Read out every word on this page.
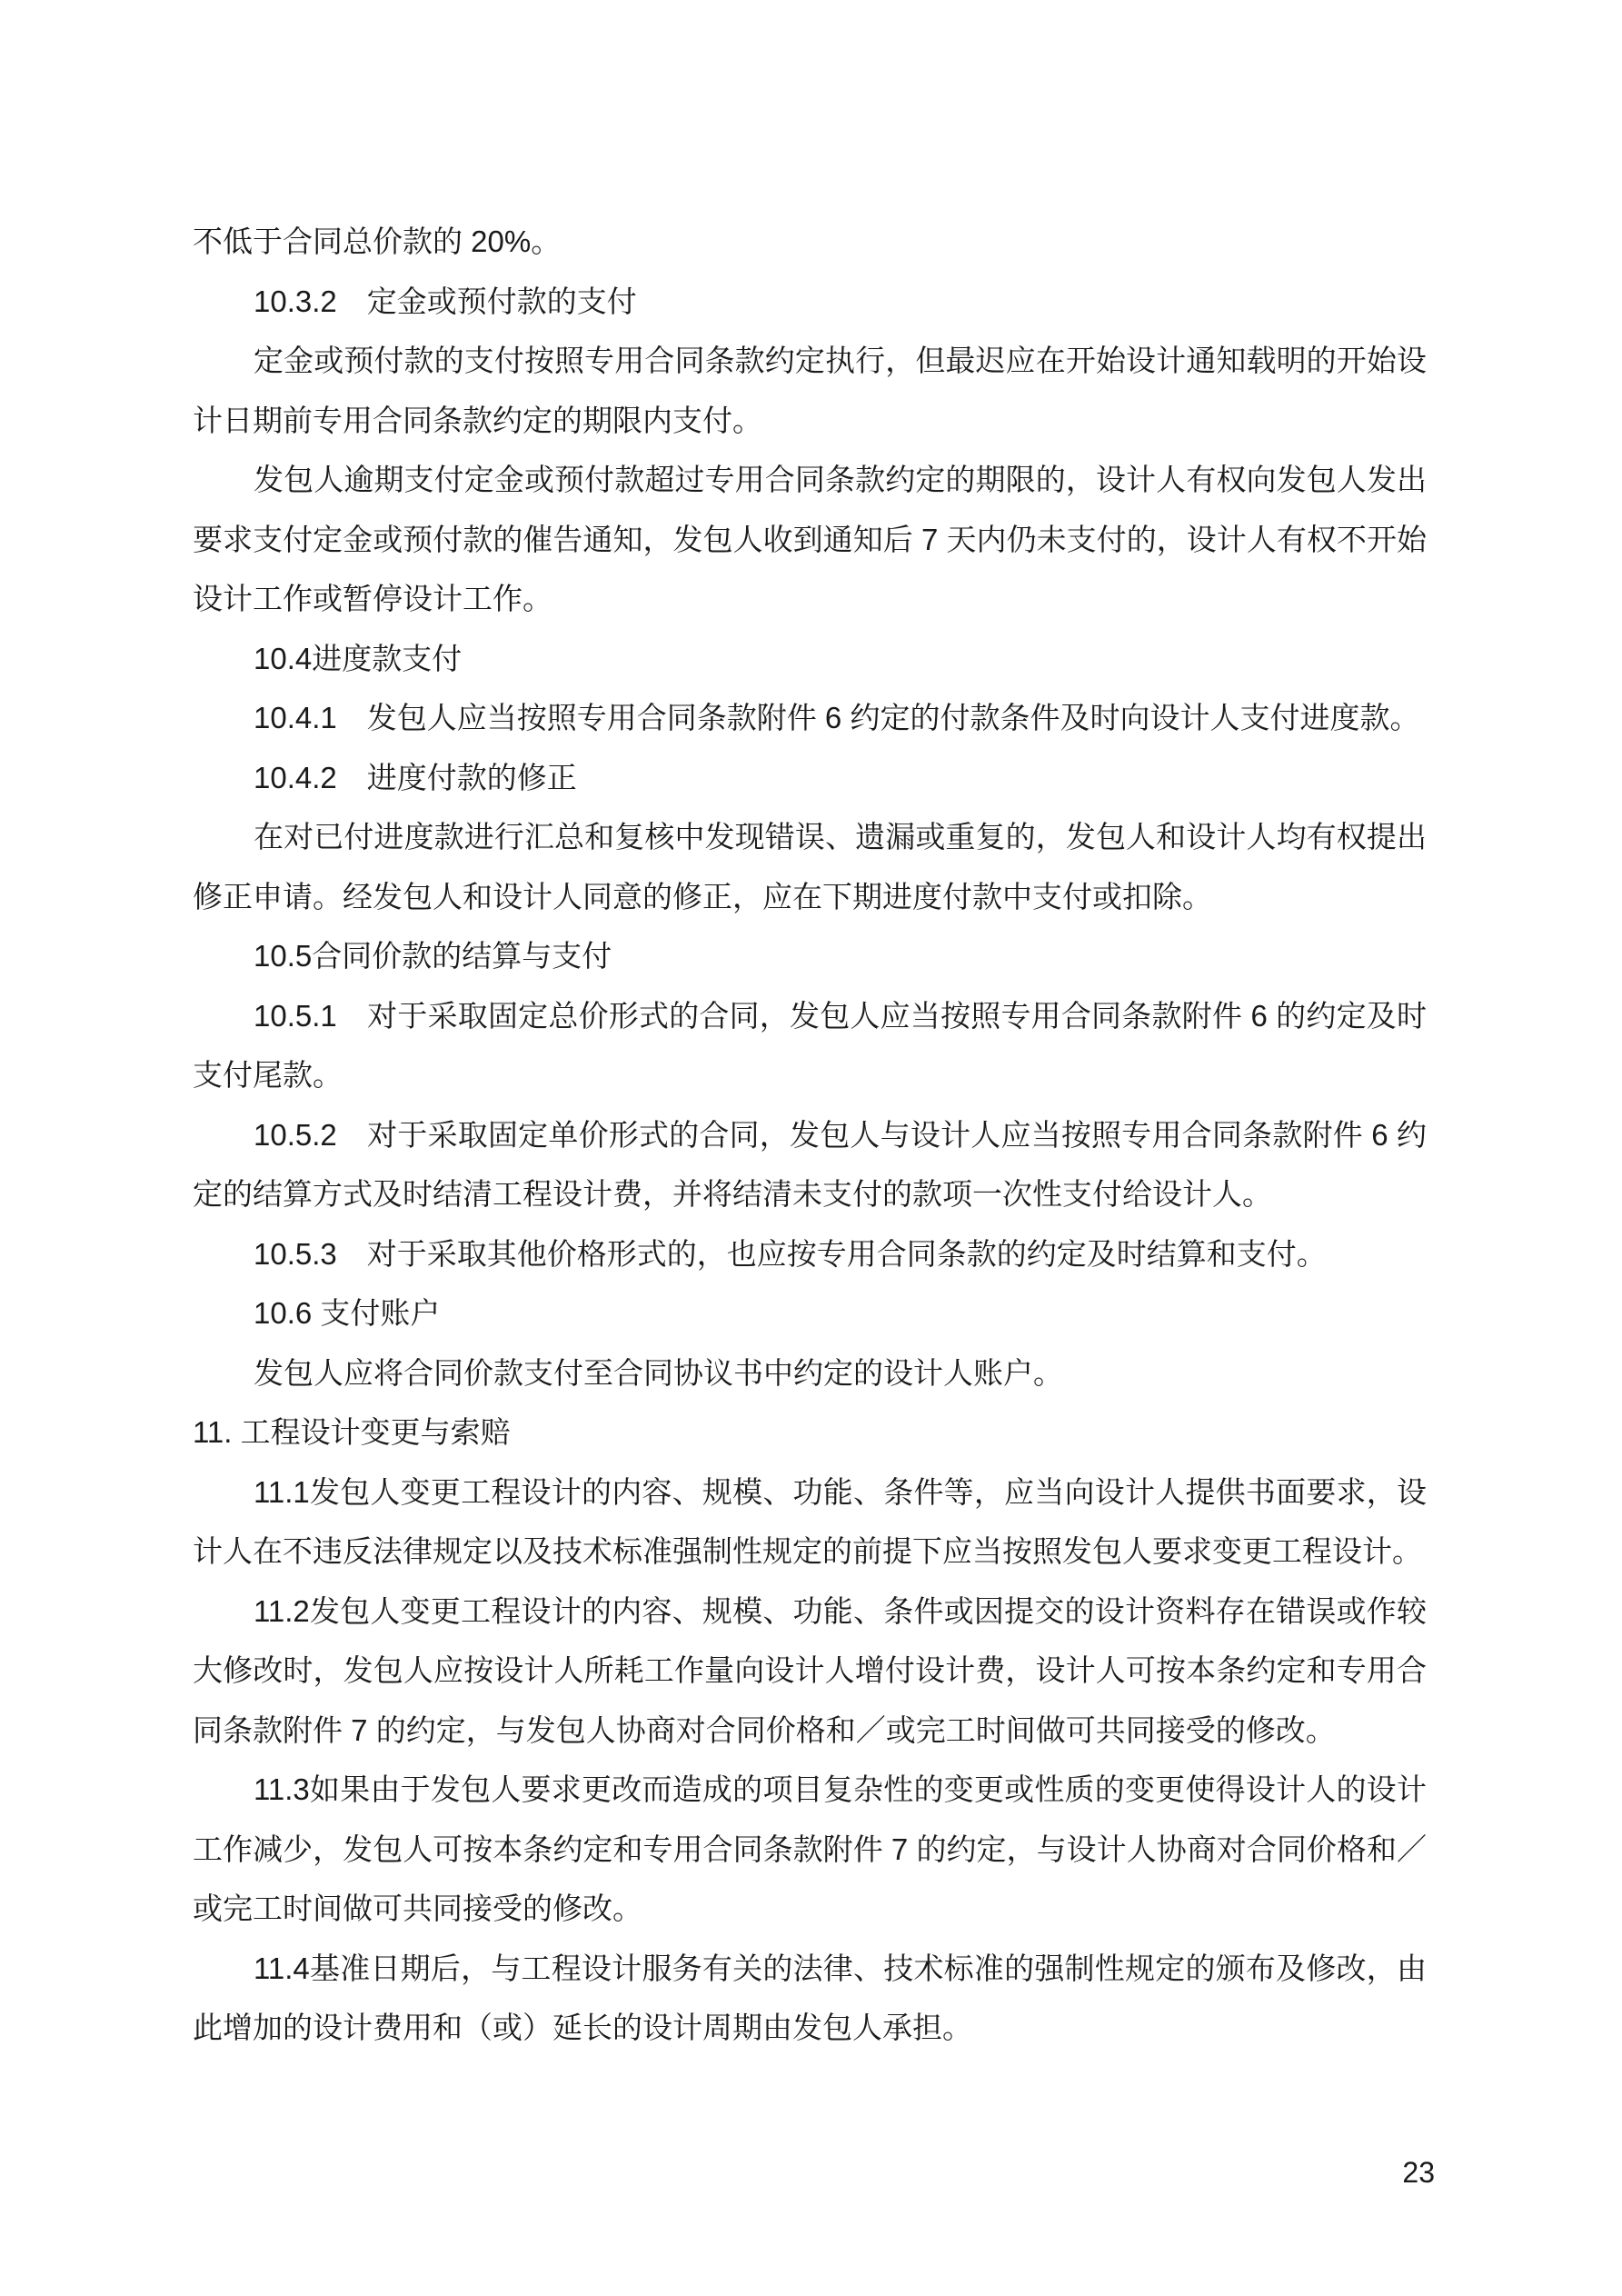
不低于合同总价款的 20%。
10.3.2　定金或预付款的支付
定金或预付款的支付按照专用合同条款约定执行，但最迟应在开始设计通知载明的开始设
计日期前专用合同条款约定的期限内支付。
发包人逾期支付定金或预付款超过专用合同条款约定的期限的，设计人有权向发包人发出
要求支付定金或预付款的催告通知，发包人收到通知后 7 天内仍未支付的，设计人有权不开始
设计工作或暂停设计工作。
10.4进度款支付
10.4.1　发包人应当按照专用合同条款附件 6 约定的付款条件及时向设计人支付进度款。
10.4.2　进度付款的修正
在对已付进度款进行汇总和复核中发现错误、遗漏或重复的，发包人和设计人均有权提出
修正申请。经发包人和设计人同意的修正，应在下期进度付款中支付或扣除。
10.5合同价款的结算与支付
10.5.1　对于采取固定总价形式的合同，发包人应当按照专用合同条款附件 6 的约定及时
支付尾款。
10.5.2　对于采取固定单价形式的合同，发包人与设计人应当按照专用合同条款附件 6 约
定的结算方式及时结清工程设计费，并将结清未支付的款项一次性支付给设计人。
10.5.3　对于采取其他价格形式的，也应按专用合同条款的约定及时结算和支付。
10.6 支付账户
发包人应将合同价款支付至合同协议书中约定的设计人账户。
11. 工程设计变更与索赔
11.1发包人变更工程设计的内容、规模、功能、条件等，应当向设计人提供书面要求，设
计人在不违反法律规定以及技术标准强制性规定的前提下应当按照发包人要求变更工程设计。
11.2发包人变更工程设计的内容、规模、功能、条件或因提交的设计资料存在错误或作较
大修改时，发包人应按设计人所耗工作量向设计人增付设计费，设计人可按本条约定和专用合
同条款附件 7 的约定，与发包人协商对合同价格和／或完工时间做可共同接受的修改。
11.3如果由于发包人要求更改而造成的项目复杂性的变更或性质的变更使得设计人的设计
工作减少，发包人可按本条约定和专用合同条款附件 7 的约定，与设计人协商对合同价格和／
或完工时间做可共同接受的修改。
11.4基准日期后，与工程设计服务有关的法律、技术标准的强制性规定的颁布及修改，由
此增加的设计费用和（或）延长的设计周期由发包人承担。
23
